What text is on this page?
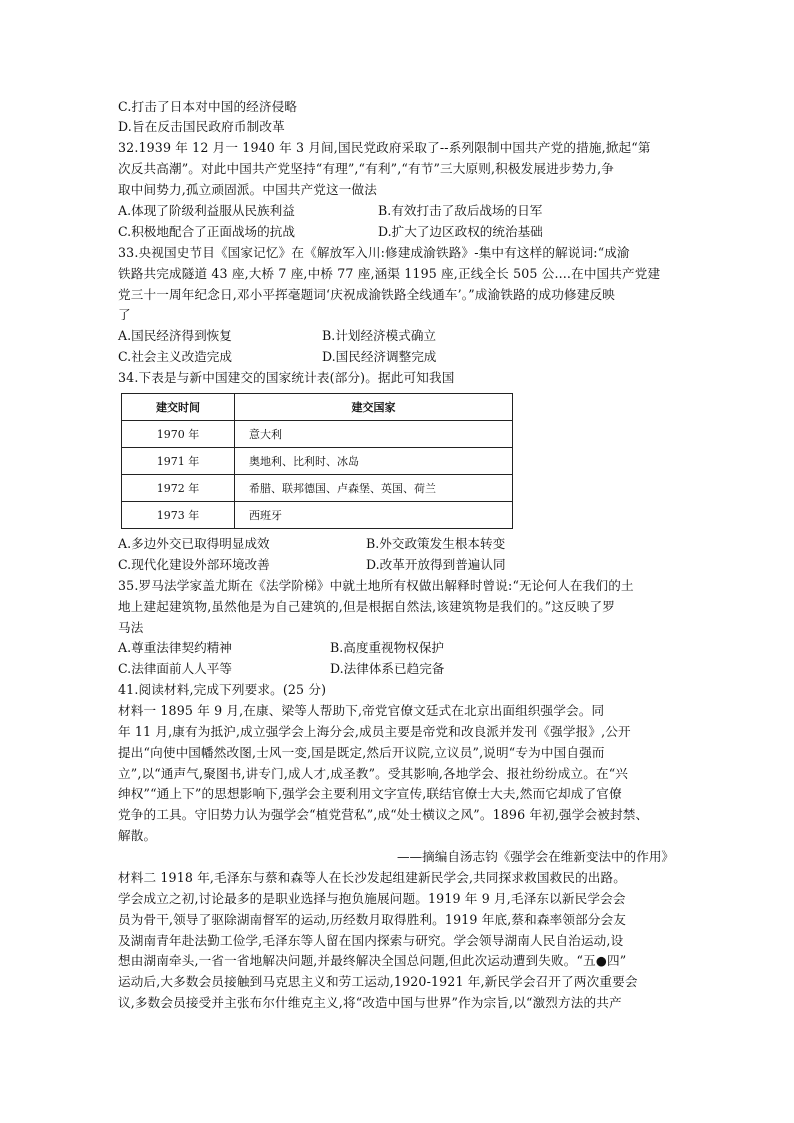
C.打击了日本对中国的经济侵略
D.旨在反击国民政府币制改革
32.1939 年 12 月一 1940 年 3 月间,国民党政府采取了--系列限制中国共产党的措施,掀起“第
次反共高潮”。对此中国共产党坚持“有理”,“有利”,“有节”三大原则,积极发展进步势力,争
取中间势力,孤立顽固派。中国共产党这一做法
A.体现了阶级利益服从民族利益	B.有效打击了敌后战场的日军
C.积极地配合了正面战场的抗战	D.扩大了边区政权的统治基础
33.央视国史节目《国家记忆》在《解放军入川:修建成渝铁路》-集中有这样的解说词:“成渝
铁路共完成隧道 43 座,大桥 7 座,中桥 77 座,涵渠 1195 座,正线全长 505 公....在中国共产党建
党三十一周年纪念日,邓小平挥毫题词‘庆祝成渝铁路全线通车’。”成渝铁路的成功修建反映
了
A.国民经济得到恢复	B.计划经济模式确立
C.社会主义改造完成	D.国民经济调整完成
34.下表是与新中国建交的国家统计表(部分)。据此可知我国
建交时间	建交国家
1970 年	意大利
1971 年	奥地利、比利时、冰岛
1972 年	希腊、联邦德国、卢森堡、英国、荷兰
1973 年	西班牙
A.多边外交已取得明显成效	B.外交政策发生根本转变
C.现代化建设外部环境改善	D.改革开放得到普遍认同
35.罗马法学家盖尤斯在《法学阶梯》中就土地所有权做出解释时曾说:“无论何人在我们的土
地上建起建筑物,虽然他是为自己建筑的,但是根据自然法,该建筑物是我们的。”这反映了罗
马法
A.尊重法律契约精神	B.高度重视物权保护
C.法律面前人人平等	D.法律体系已趋完备
41.阅读材料,完成下列要求。(25 分)
材料一 1895 年 9 月,在康、梁等人帮助下,帝党官僚文廷式在北京出面组织强学会。同
年 11 月,康有为抵沪,成立强学会上海分会,成员主要是帝党和改良派并发刊《强学报》,公开
提出“向使中国幡然改图,士风一变,国是既定,然后开议院,立议员”,说明“专为中国自强而
立”,以“通声气,聚图书,讲专门,成人才,成圣教”。受其影响,各地学会、报社纷纷成立。在“兴
绅权”“通上下”的思想影响下,强学会主要利用文字宣传,联结官僚士大夫,然而它却成了官僚
党争的工具。守旧势力认为强学会“植党营私”,成“处士横议之风”。1896 年初,强学会被封禁、
解散。
——摘编自汤志钧《强学会在维新变法中的作用》
材料二 1918 年,毛泽东与蔡和森等人在长沙发起组建新民学会,共同探求救国救民的出路。
学会成立之初,讨论最多的是职业选择与抱负施展问题。1919 年 9 月,毛泽东以新民学会会
员为骨干,领导了驱除湖南督军的运动,历经数月取得胜利。1919 年底,蔡和森率领部分会友
及湖南青年赴法勤工俭学,毛泽东等人留在国内探索与研究。学会领导湖南人民自治运动,设
想由湖南牵头,一省一省地解决问题,并最终解决全国总问题,但此次运动遭到失败。“五●四”
运动后,大多数会员接触到马克思主义和劳工运动,1920-1921 年,新民学会召开了两次重要会
议,多数会员接受并主张布尔什维克主义,将“改造中国与世界”作为宗旨,以“激烈方法的共产
